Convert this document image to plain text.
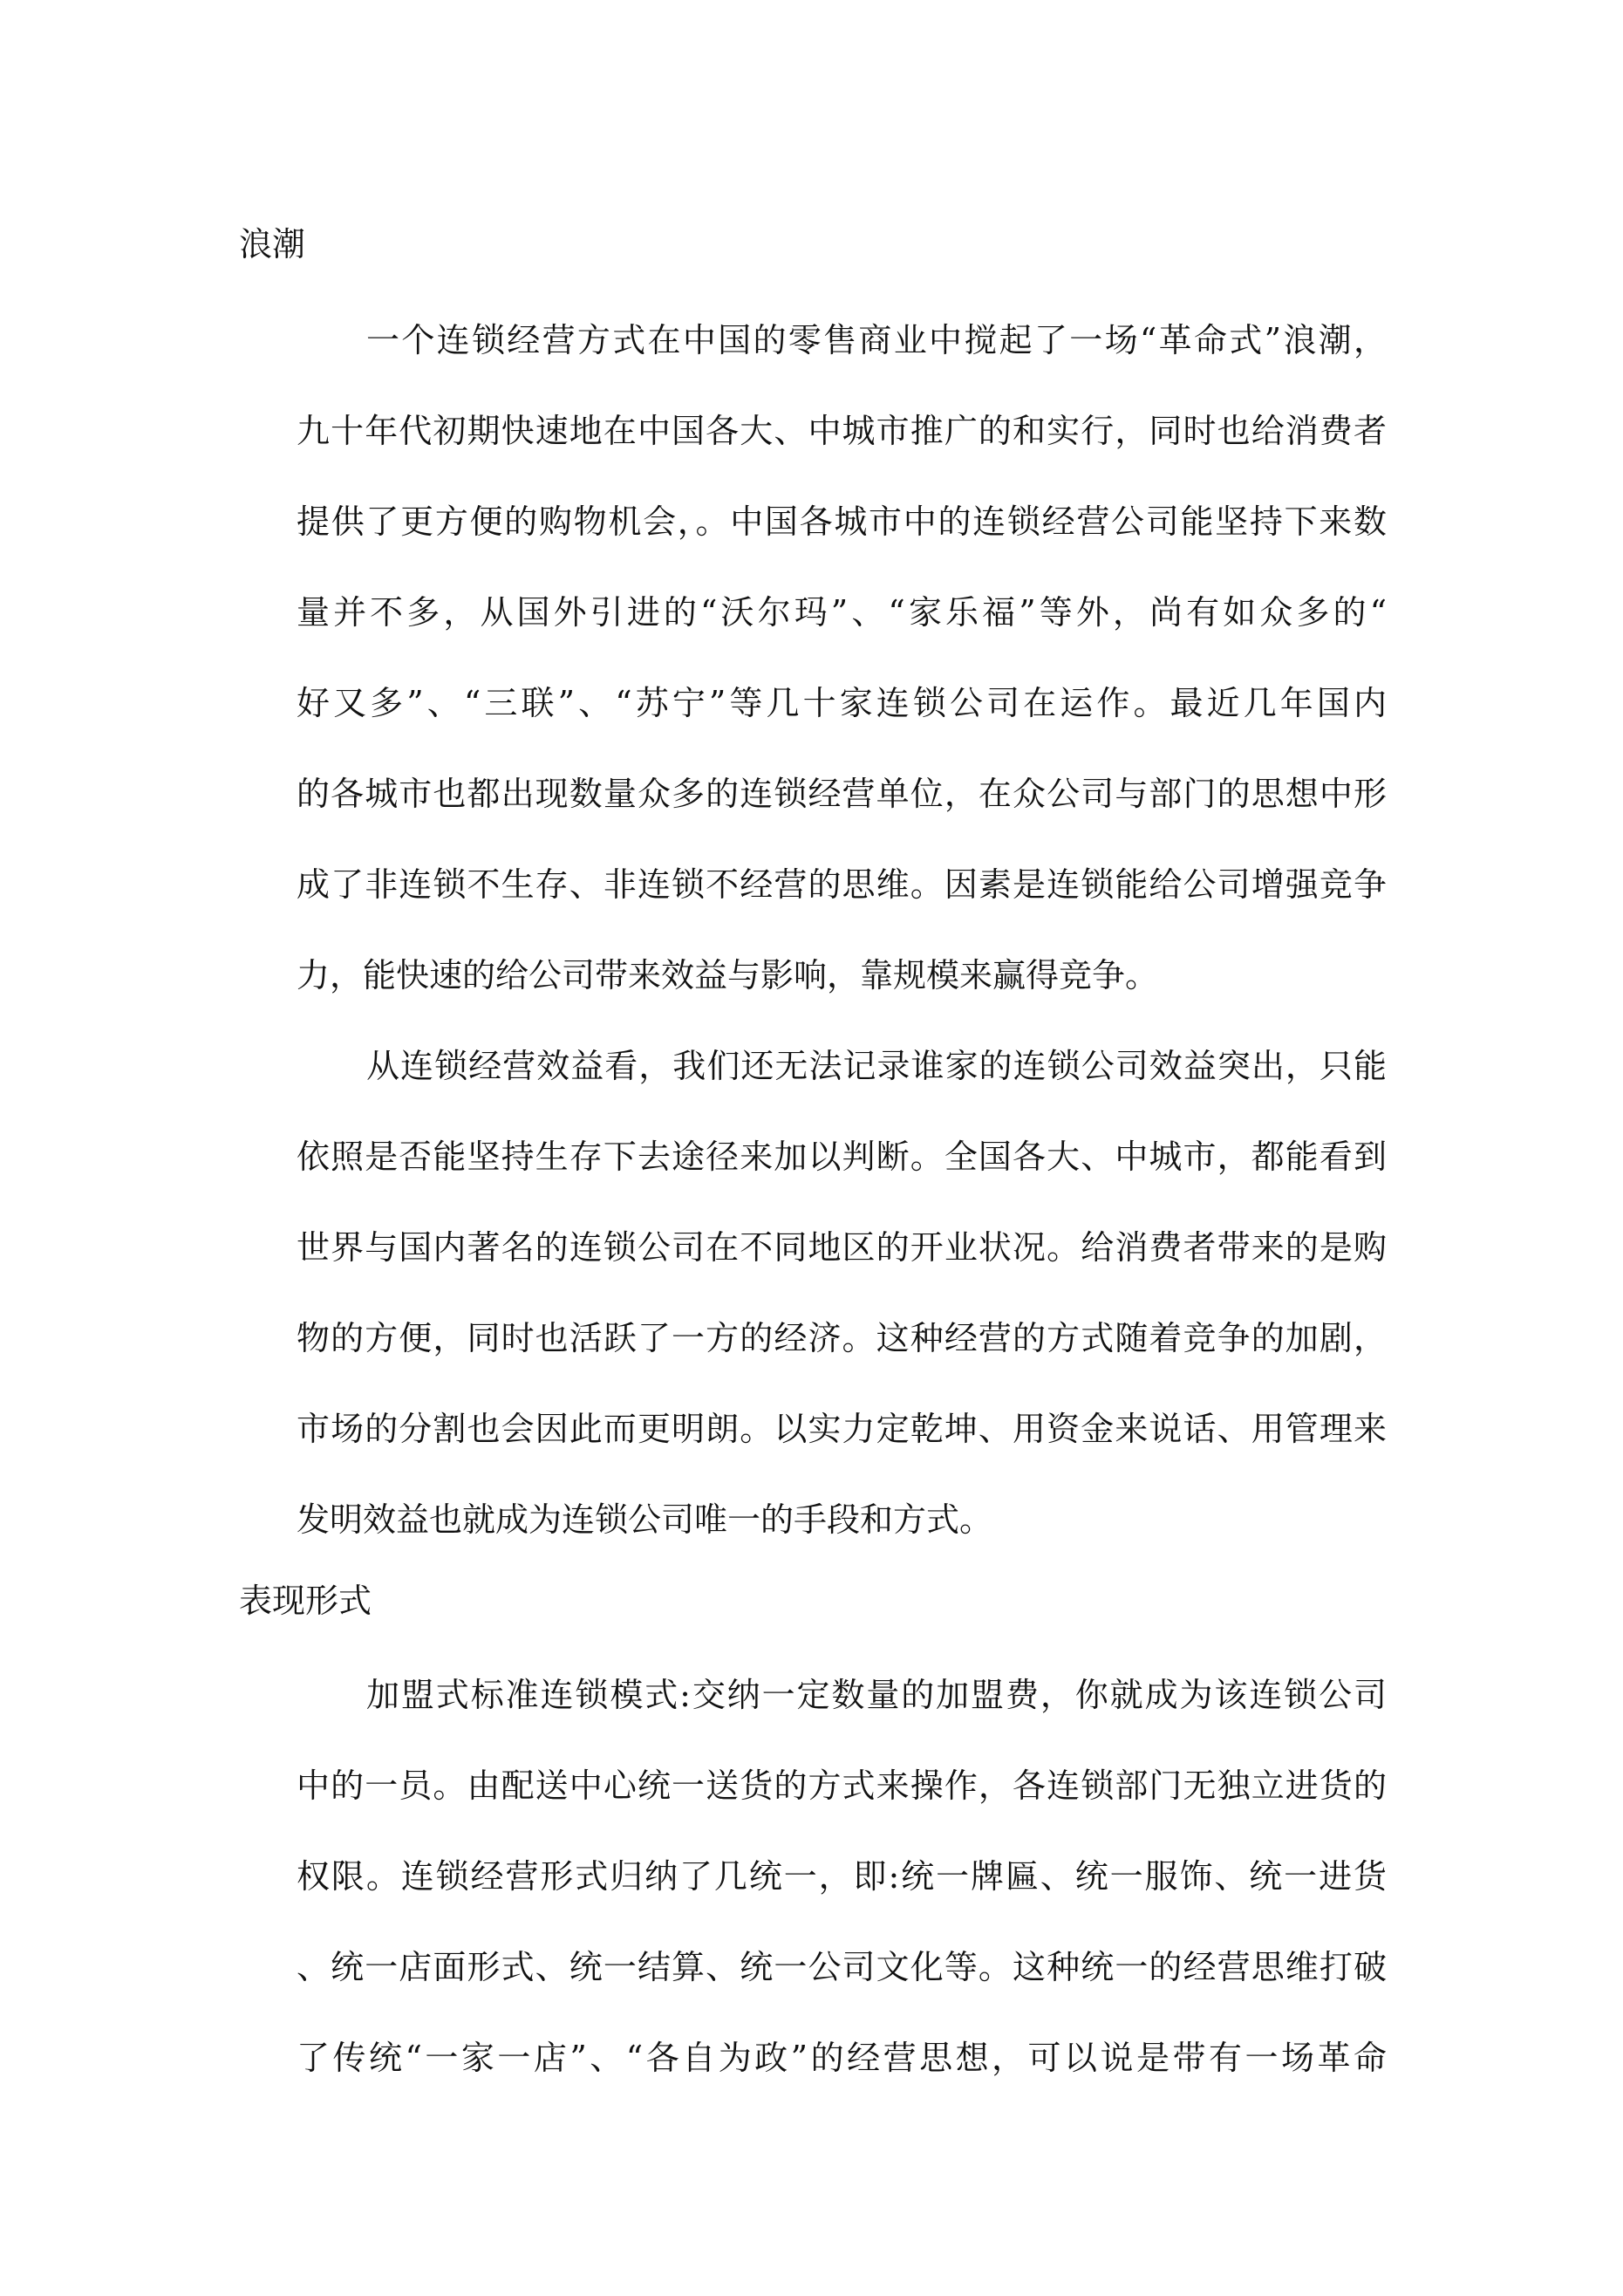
浪潮
一个连锁经营方式在中国的零售商业中搅起了一场“革命式”浪潮，
九十年代初期快速地在中国各大、中城市推广的和实行，同时也给消费者
提供了更方便的购物机会，。中国各城市中的连锁经营公司能坚持下来数
量并不多，从国外引进的“沃尔玛”、“家乐福”等外，尚有如众多的“
好又多”、“三联”、“苏宁”等几十家连锁公司在运作。最近几年国内
的各城市也都出现数量众多的连锁经营单位，在众公司与部门的思想中形
成了非连锁不生存、非连锁不经营的思维。因素是连锁能给公司增强竞争
力，能快速的给公司带来效益与影响，靠规模来赢得竞争。
从连锁经营效益看，我们还无法记录谁家的连锁公司效益突出，只能
依照是否能坚持生存下去途径来加以判断。全国各大、中城市，都能看到
世界与国内著名的连锁公司在不同地区的开业状况。给消费者带来的是购
物的方便，同时也活跃了一方的经济。这种经营的方式随着竞争的加剧，
市场的分割也会因此而更明朗。以实力定乾坤、用资金来说话、用管理来
发明效益也就成为连锁公司唯一的手段和方式。
表现形式
加盟式标准连锁模式:交纳一定数量的加盟费，你就成为该连锁公司
中的一员。由配送中心统一送货的方式来操作，各连锁部门无独立进货的
权限。连锁经营形式归纳了几统一，即:统一牌匾、统一服饰、统一进货
、统一店面形式、统一结算、统一公司文化等。这种统一的经营思维打破
了传统“一家一店”、“各自为政”的经营思想，可以说是带有一场革命
